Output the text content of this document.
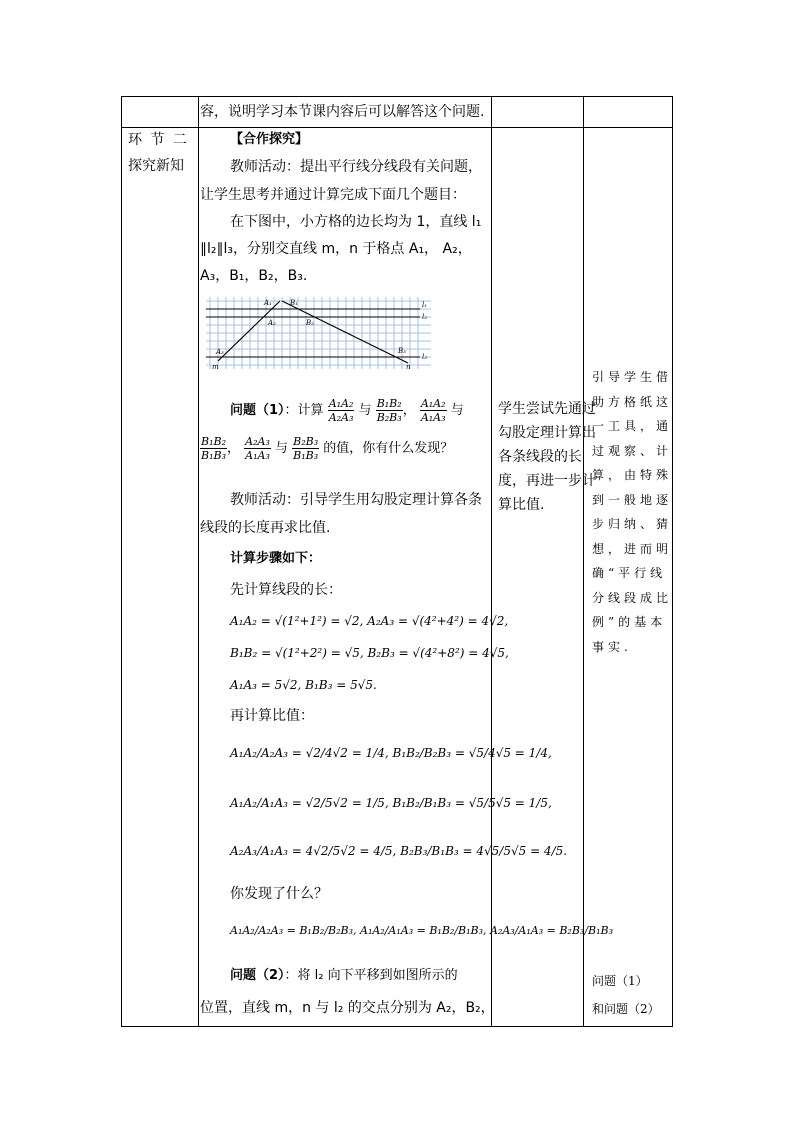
容，说明学习本节课内容后可以解答这个问题.
环 节 二
探究新知
【合作探究】
教师活动：提出平行线分线段有关问题，
让学生思考并通过计算完成下面几个题目：
在下图中，小方格的边长均为 1，直线 l₁
∥l₂∥l₃，分别交直线 m，n 于格点 A₁， A₂，
A₃，B₁，B₂，B₃.
A₁
A₂
A₃
B₁
B₂
B₃
l₁
l₂
l₃
m	n
问题（1）：计算 $\frac{\text{A₁A₂}}{\text{A₂A₃}}$ 与 $\frac{\text{B₁B₂}}{\text{B₂B₃}}$ ， $\frac{\text{A₁A₂}}{\text{A₁A₃}}$ 与
$\frac{\text{B₁B₂}}{\text{B₁B₃}}$ ， $\frac{\text{A₂A₃}}{\text{A₁A₃}}$ 与 $\frac{\text{B₂B₃}}{\text{B₁B₃}}$ 的值，你有什么发现？
教师活动：引导学生用勾股定理计算各条
线段的长度再求比值.
计算步骤如下：
先计算线段的长：
A₁A₂ = √(1²+1²) = √2, A₂A₃ = √(4²+4²) = 4√2,
B₁B₂ = √(1²+2²) = √5, B₂B₃ = √(4²+8²) = 4√5,
A₁A₃ = 5√2, B₁B₃ = 5√5.
再计算比值：
A₁A₂/A₂A₃ = √2/4√2 = 1/4, B₁B₂/B₂B₃ = √5/4√5 = 1/4,
A₁A₂/A₁A₃ = √2/5√2 = 1/5, B₁B₂/B₁B₃ = √5/5√5 = 1/5,
A₂A₃/A₁A₃ = 4√2/5√2 = 4/5, B₂B₃/B₁B₃ = 4√5/5√5 = 4/5.
你发现了什么？
A₁A₂/A₂A₃ = B₁B₂/B₂B₃, A₁A₂/A₁A₃ = B₁B₂/B₁B₃, A₂A₃/A₁A₃ = B₂B₃/B₁B₃
问题（2）：将 l₂ 向下平移到如图所示的
位置，直线 m，n 与 l₂ 的交点分别为 A₂，B₂，
学生尝试先通过勾股定理计算出各条线段的长度，再进一步计算比值.
引导学生借助方格纸这一工具，通过观察、计算，由特殊到一般地逐步归纳、猜想，进而明确“平行线分线段成比例”的基本事实.
问题（1）
和问题（2）
